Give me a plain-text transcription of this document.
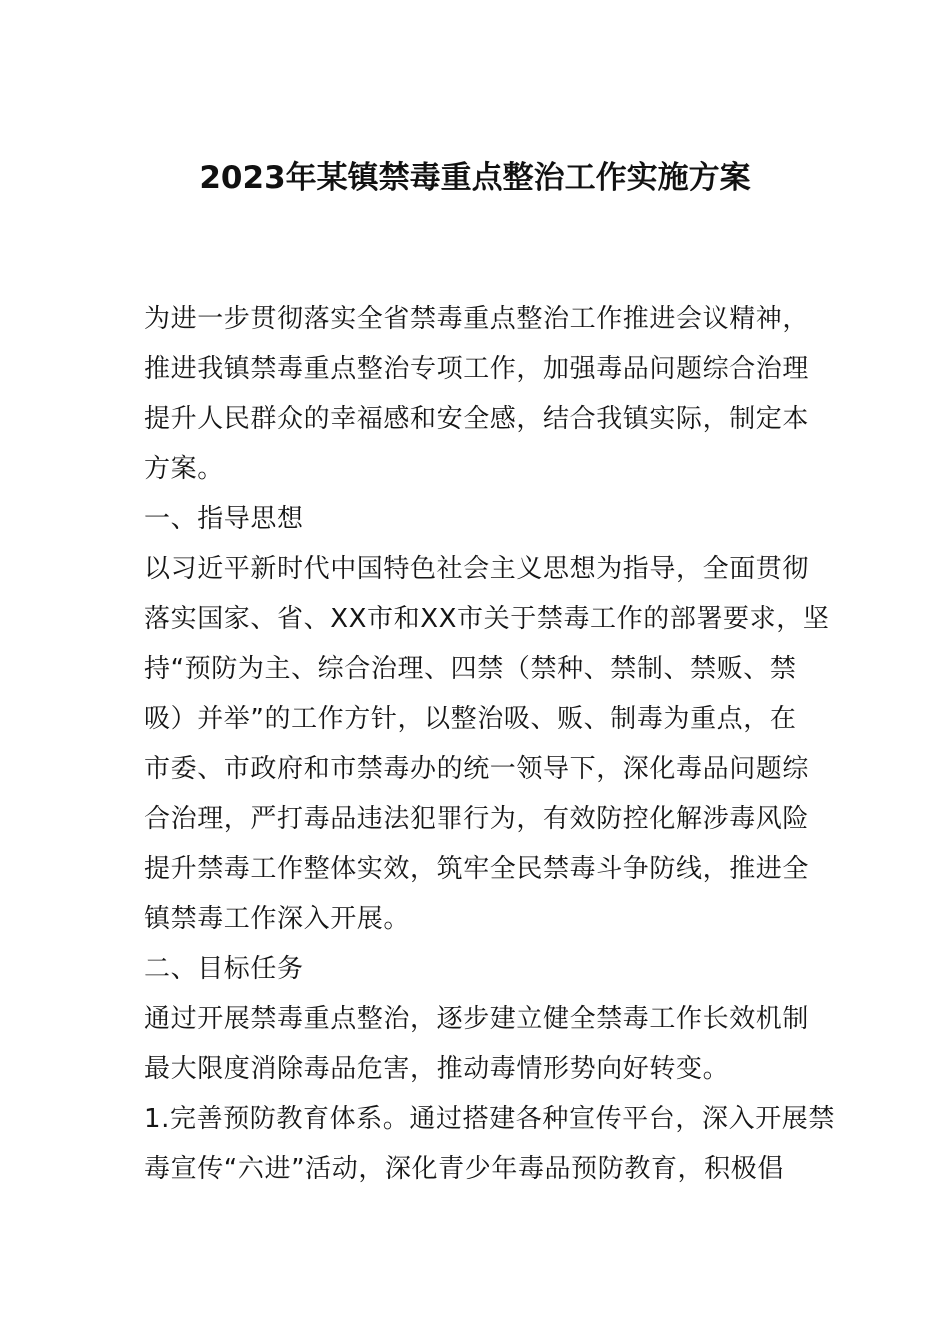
2023年某镇禁毒重点整治工作实施方案
为进一步贯彻落实全省禁毒重点整治工作推进会议精神，
推进我镇禁毒重点整治专项工作，加强毒品问题综合治理
提升人民群众的幸福感和安全感，结合我镇实际，制定本
方案。
一、指导思想
以习近平新时代中国特色社会主义思想为指导，全面贯彻
落实国家、省、XX市和XX市关于禁毒工作的部署要求，坚
持“预防为主、综合治理、四禁（禁种、禁制、禁贩、禁
吸）并举”的工作方针，以整治吸、贩、制毒为重点，在
市委、市政府和市禁毒办的统一领导下，深化毒品问题综
合治理，严打毒品违法犯罪行为，有效防控化解涉毒风险
提升禁毒工作整体实效，筑牢全民禁毒斗争防线，推进全
镇禁毒工作深入开展。
二、目标任务
通过开展禁毒重点整治，逐步建立健全禁毒工作长效机制
最大限度消除毒品危害，推动毒情形势向好转变。
1.完善预防教育体系。通过搭建各种宣传平台，深入开展禁
毒宣传“六进”活动，深化青少年毒品预防教育，积极倡
